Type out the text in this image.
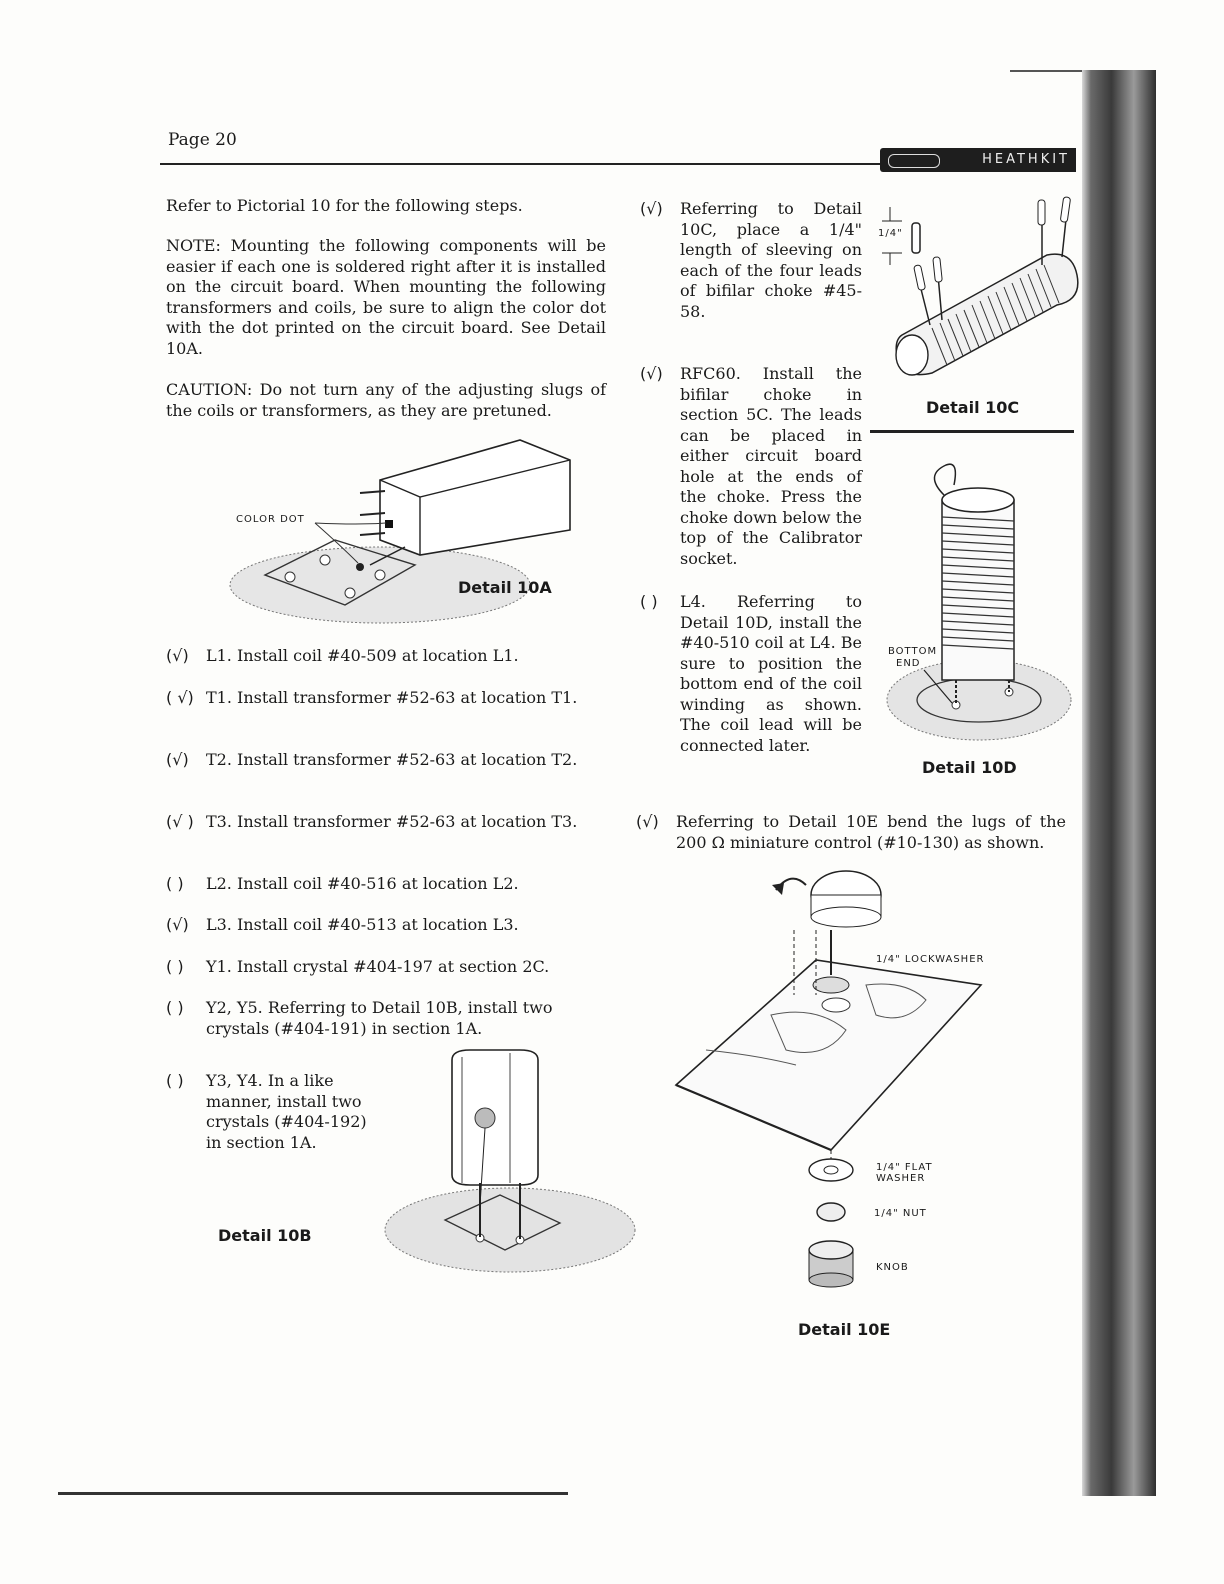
Page 20
HEATHKIT

Refer to Pictorial 10 for the following steps.

NOTE: Mounting the following components will be easier if each one is soldered right after it is installed on the circuit board. When mounting the following transformers and coils, be sure to align the color dot with the dot printed on the circuit board. See Detail 10A.

CAUTION: Do not turn any of the adjusting slugs of the coils or transformers, as they are pretuned.

COLOR DOT
Detail 10A
(√) L1. Install coil #40-509 at location L1.
( √) T1. Install transformer #52-63 at location T1.
(√) T2. Install transformer #52-63 at location T2.
(√ ) T3. Install transformer #52-63 at location T3.
( ) L2. Install coil #40-516 at location L2.
(√) L3. Install coil #40-513 at location L3.
( ) Y1. Install crystal #404-197 at section 2C.
( ) Y2, Y5. Referring to Detail 10B, install two crystals (#404-191) in section 1A.
( ) Y3, Y4. In a like manner, install two crystals (#404-192) in section 1A.
Detail 10B
(√) Referring to Detail 10C, place a 1/4" length of sleeving on each of the four leads of bifilar choke #45-58.
(√) RFC60. Install the bifilar choke in section 5C. The leads can be placed in either circuit board hole at the ends of the choke. Press the choke down below the top of the Calibrator socket.
( ) L4. Referring to Detail 10D, install the #40-510 coil at L4. Be sure to position the bottom end of the coil winding as shown. The coil lead will be connected later.
(√) Referring to Detail 10E bend the lugs of the 200 Ω miniature control (#10-130) as shown.
1/4"
Detail 10C
BOTTOM
END
Detail 10D
1/4" LOCKWASHER
1/4" FLAT
WASHER
1/4" NUT
KNOB
Detail 10E
